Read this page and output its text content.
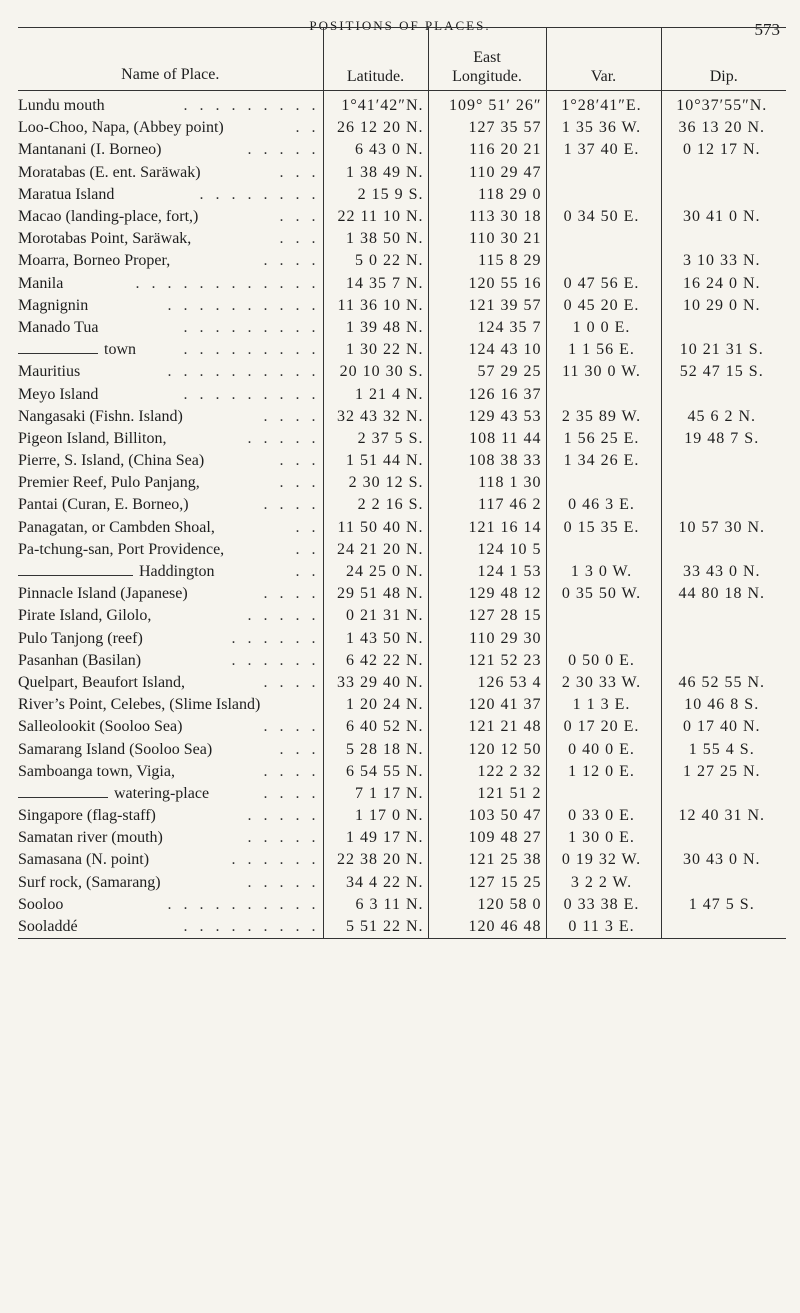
POSITIONS OF PLACES.	573
Name of Place.	Latitude.	East
Longitude.	Var.	Dip.

Lundu mouth . . . . . . . . .	1°41′42″N.	109° 51′ 26″	1°28′41″E.	10°37′55″N.

Loo-Choo, Napa, (Abbey point) . .	26 12 20 N.	127 35 57	1 35 36 W.	36 13 20 N.

Mantanani (I. Borneo) . . . . .	6 43 0 N.	116 20 21	1 37 40 E.	0 12 17 N.

Moratabas (E. ent. Saräwak) . . .	1 38 49 N.	110 29 47		

Maratua Island . . . . . . . .	2 15 9 S.	118 29 0		

Macao (landing-place, fort,) . . .	22 11 10 N.	113 30 18	0 34 50 E.	30 41 0 N.

Morotabas Point, Saräwak, . . .	1 38 50 N.	110 30 21		

Moarra, Borneo Proper, . . . .	5 0 22 N.	115 8 29		3 10 33 N.

Manila . . . . . . . . . . . .	14 35 7 N.	120 55 16	0 47 56 E.	16 24 0 N.

Magnignin . . . . . . . . . .	11 36 10 N.	121 39 57	0 45 20 E.	10 29 0 N.

Manado Tua . . . . . . . . .	1 39 48 N.	124 35 7	1 0 0 E.	

town . . . . . . . . .	1 30 22 N.	124 43 10	1 1 56 E.	10 21 31 S.

Mauritius . . . . . . . . . .	20 10 30 S.	57 29 25	11 30 0 W.	52 47 15 S.

Meyo Island . . . . . . . . .	1 21 4 N.	126 16 37		

Nangasaki (Fishn. Island) . . . .	32 43 32 N.	129 43 53	2 35 89 W.	45 6 2 N.

Pigeon Island, Billiton, . . . . .	2 37 5 S.	108 11 44	1 56 25 E.	19 48 7 S.

Pierre, S. Island, (China Sea) . . .	1 51 44 N.	108 38 33	1 34 26 E.	

Premier Reef, Pulo Panjang, . . .	2 30 12 S.	118 1 30		

Pantai (Curan, E. Borneo,) . . . .	2 2 16 S.	117 46 2	0 46 3 E.	

Panagatan, or Cambden Shoal, . .	11 50 40 N.	121 16 14	0 15 35 E.	10 57 30 N.

Pa-tchung-san, Port Providence, . .	24 21 20 N.	124 10 5		

Haddington . .	24 25 0 N.	124 1 53	1 3 0 W.	33 43 0 N.

Pinnacle Island (Japanese) . . . .	29 51 48 N.	129 48 12	0 35 50 W.	44 80 18 N.

Pirate Island, Gilolo, . . . . .	0 21 31 N.	127 28 15		

Pulo Tanjong (reef) . . . . . .	1 43 50 N.	110 29 30		

Pasanhan (Basilan) . . . . . .	6 42 22 N.	121 52 23	0 50 0 E.	

Quelpart, Beaufort Island, . . . .	33 29 40 N.	126 53 4	2 30 33 W.	46 52 55 N.

River’s Point, Celebes, (Slime Island)	1 20 24 N.	120 41 37	1 1 3 E.	10 46 8 S.

Salleolookit (Sooloo Sea) . . . .	6 40 52 N.	121 21 48	0 17 20 E.	0 17 40 N.

Samarang Island (Sooloo Sea) . . .	5 28 18 N.	120 12 50	0 40 0 E.	1 55 4 S.

Samboanga town, Vigia, . . . .	6 54 55 N.	122 2 32	1 12 0 E.	1 27 25 N.

watering-place . . . .	7 1 17 N.	121 51 2		

Singapore (flag-staff) . . . . .	1 17 0 N.	103 50 47	0 33 0 E.	12 40 31 N.

Samatan river (mouth) . . . . .	1 49 17 N.	109 48 27	1 30 0 E.	

Samasana (N. point) . . . . . .	22 38 20 N.	121 25 38	0 19 32 W.	30 43 0 N.

Surf rock, (Samarang) . . . . .	34 4 22 N.	127 15 25	3 2 2 W.	

Sooloo . . . . . . . . . .	6 3 11 N.	120 58 0	0 33 38 E.	1 47 5 S.

Sooladdé . . . . . . . . .	5 51 22 N.	120 46 48	0 11 3 E.	
